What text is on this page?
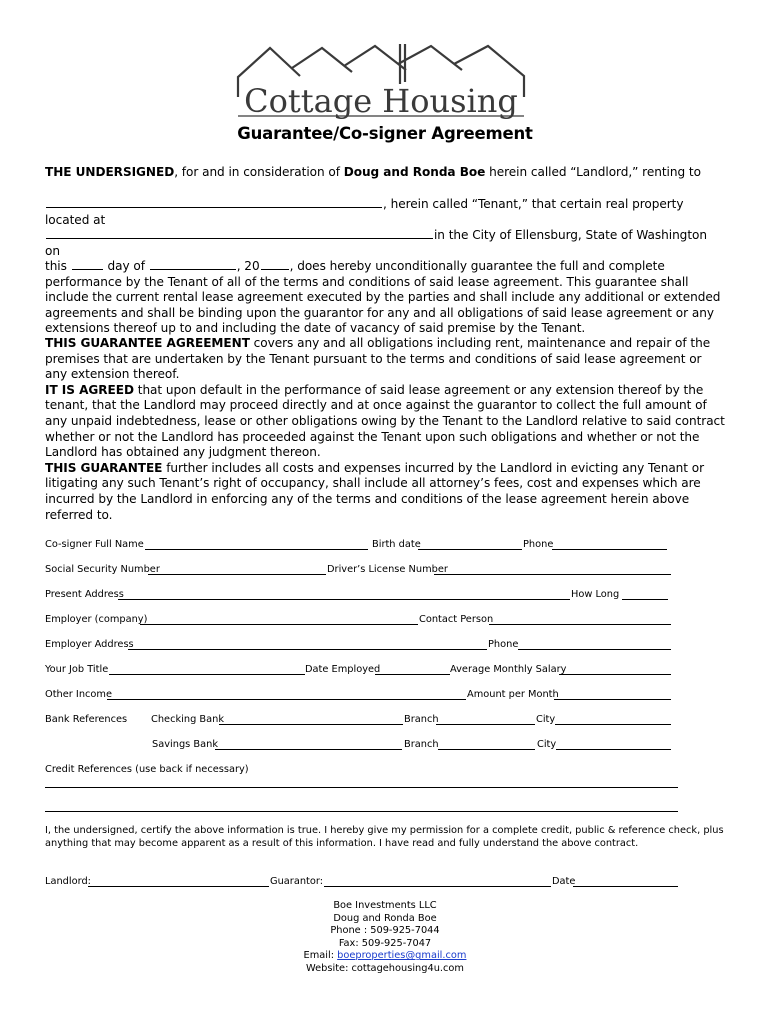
Cottage Housing
Guarantee/Co-signer Agreement
THE UNDERSIGNED, for and in consideration of Doug and Ronda Boe herein called “Landlord,” renting to
, herein called “Tenant,” that certain real property located at
in the City of Ellensburg, State of Washington on
this	day of	, 20 , does hereby unconditionally guarantee the full and complete performance by the Tenant of all of the terms and conditions of said lease agreement. This guarantee shall include the current rental lease agreement executed by the parties and shall include any additional or extended agreements and shall be binding upon the guarantor for any and all obligations of said lease agreement or any extensions thereof up to and including the date of vacancy of said premise by the Tenant.
THIS GUARANTEE AGREEMENT covers any and all obligations including rent, maintenance and repair of the premises that are undertaken by the Tenant pursuant to the terms and conditions of said lease agreement or any extension thereof.
IT IS AGREED that upon default in the performance of said lease agreement or any extension thereof by the tenant, that the Landlord may proceed directly and at once against the guarantor to collect the full amount of any unpaid indebtedness, lease or other obligations owing by the Tenant to the Landlord relative to said contract whether or not the Landlord has proceeded against the Tenant upon such obligations and whether or not the Landlord has obtained any judgment thereon.
THIS GUARANTEE further includes all costs and expenses incurred by the Landlord in evicting any Tenant or litigating any such Tenant’s right of occupancy, shall include all attorney’s fees, cost and expenses which are incurred by the Landlord in enforcing any of the terms and conditions of the lease agreement herein above referred to.
Co-signer Full Name	Birth date	Phone
Social Security Number	Driver’s License Number
Present Address	How Long
Employer (company)	Contact Person
Employer Address	Phone
Your Job Title	Date Employed	Average Monthly Salary
Other Income	Amount per Month
Bank References Checking Bank	Branch	City
Savings Bank	Branch	City
Credit References (use back if necessary)
I, the undersigned, certify the above information is true. I hereby give my permission for a complete credit, public & reference check, plus anything that may become apparent as a result of this information. I have read and fully understand the above contract.
Landlord:	Guarantor:	Date
Boe Investments LLC
Doug and Ronda Boe
Phone : 509-925-7044
Fax: 509-925-7047
Email: boeproperties@gmail.com
Website: cottagehousing4u.com
